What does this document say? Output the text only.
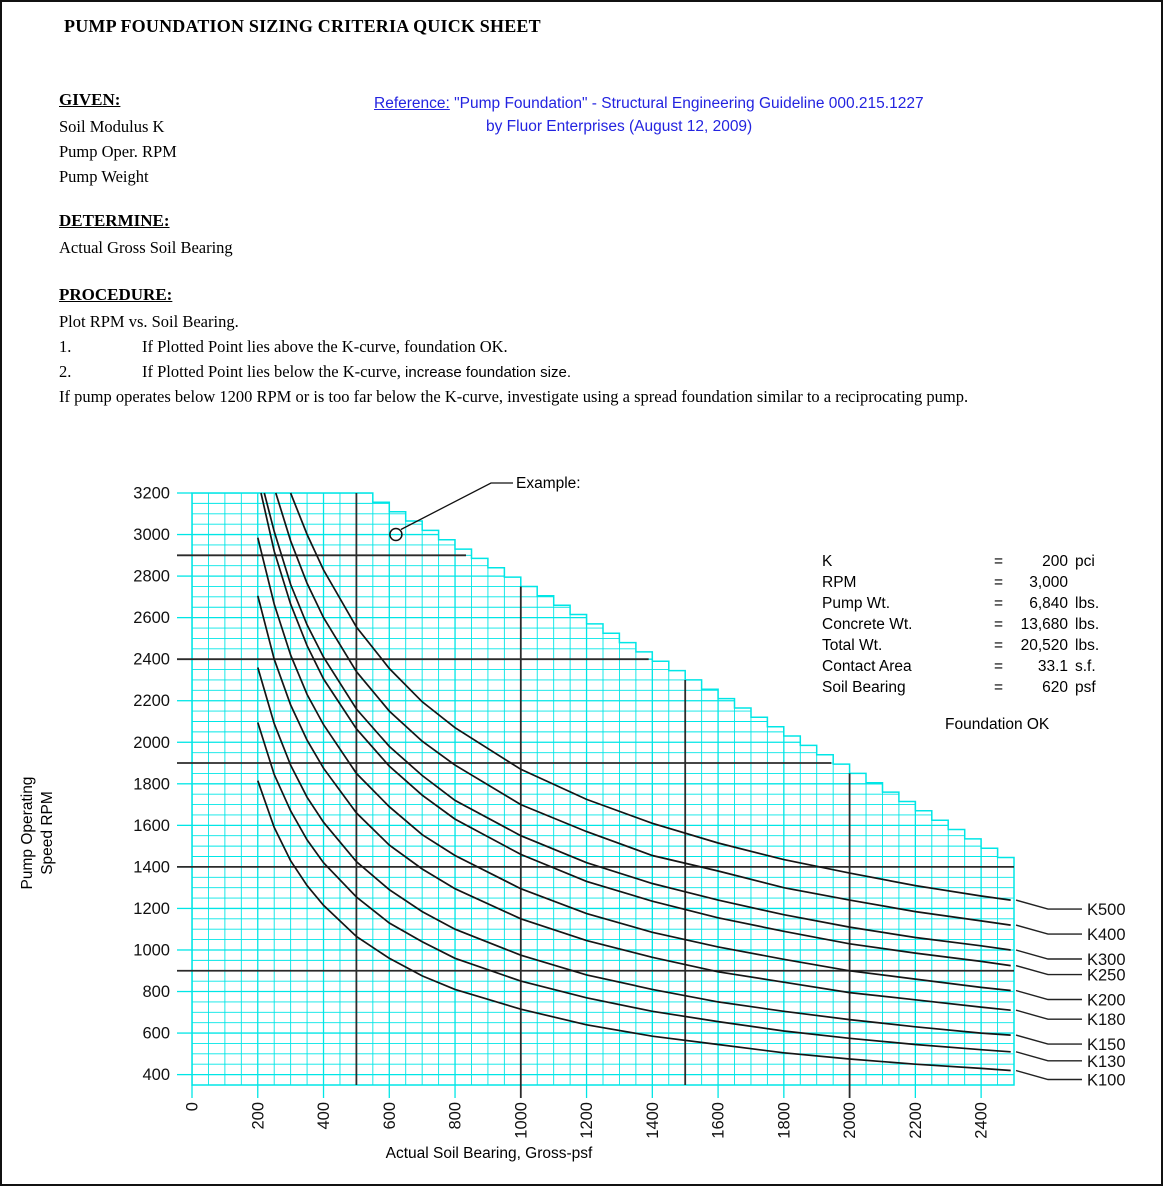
K500
K400
K300
K250
K200
K180
K150
K130
K100
400
600
800
1000
1200
1400
1600
1800
2000
2200
2400
2600
2800
3000
3200
0	200	400	600	800	1000	1200	1400	1600	1800	2000	2200	2400
PUMP FOUNDATION SIZING CRITERIA QUICK SHEET
GIVEN:
Soil Modulus K
Pump Oper. RPM
Pump Weight
Reference: "Pump Foundation" - Structural Engineering Guideline 000.215.1227
by Fluor Enterprises (August 12, 2009)
DETERMINE:
Actual Gross Soil Bearing
PROCEDURE:
Plot RPM vs. Soil Bearing.
1.	If Plotted Point lies above the K-curve, foundation OK.
2.	If Plotted Point lies below the K-curve, increase foundation size.
If pump operates below 1200 RPM or is too far below the K-curve, investigate using a spread foundation similar to a reciprocating pump.
Example:
K	=	200 pci
RPM	=	3,000
Pump Wt.	=	6,840 lbs.
Concrete Wt.	=	13,680 lbs.
Total Wt.	=	20,520 lbs.
Contact Area	=	33.1 s.f.
Soil Bearing	=	620 psf
Foundation OK
Pump Operating Speed RPM
Actual Soil Bearing, Gross-psf
